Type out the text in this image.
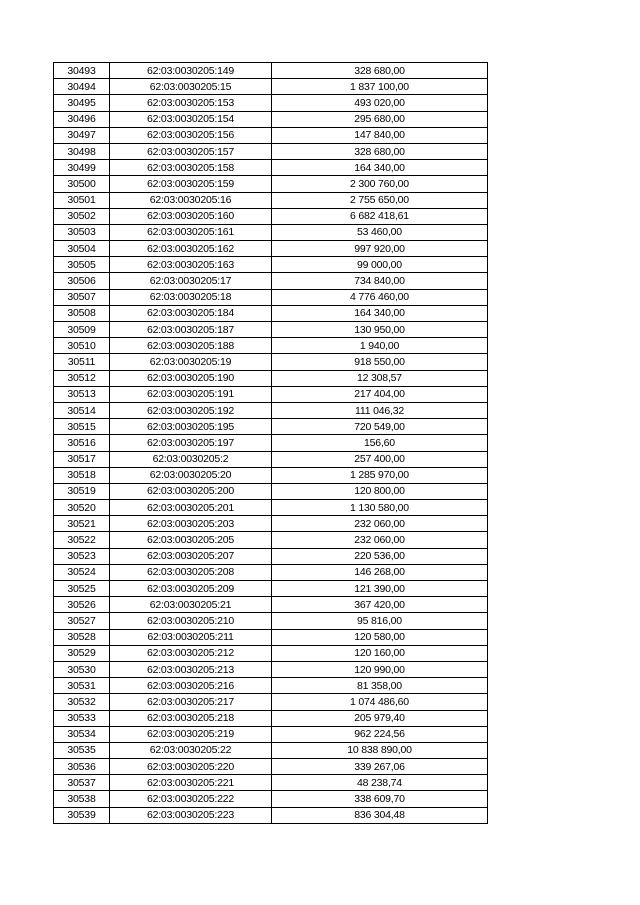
30493	62:03:0030205:149	328 680,00
30494	62:03:0030205:15	1 837 100,00
30495	62:03:0030205:153	493 020,00
30496	62:03:0030205:154	295 680,00
30497	62:03:0030205:156	147 840,00
30498	62:03:0030205:157	328 680,00
30499	62:03:0030205:158	164 340,00
30500	62:03:0030205:159	2 300 760,00
30501	62:03:0030205:16	2 755 650,00
30502	62:03:0030205:160	6 682 418,61
30503	62:03:0030205:161	53 460,00
30504	62:03:0030205:162	997 920,00
30505	62:03:0030205:163	99 000,00
30506	62:03:0030205:17	734 840,00
30507	62:03:0030205:18	4 776 460,00
30508	62:03:0030205:184	164 340,00
30509	62:03:0030205:187	130 950,00
30510	62:03:0030205:188	1 940,00
30511	62:03:0030205:19	918 550,00
30512	62:03:0030205:190	12 308,57
30513	62:03:0030205:191	217 404,00
30514	62:03:0030205:192	111 046,32
30515	62:03:0030205:195	720 549,00
30516	62:03:0030205:197	156,60
30517	62:03:0030205:2	257 400,00
30518	62:03:0030205:20	1 285 970,00
30519	62:03:0030205:200	120 800,00
30520	62:03:0030205:201	1 130 580,00
30521	62:03:0030205:203	232 060,00
30522	62:03:0030205:205	232 060,00
30523	62:03:0030205:207	220 536,00
30524	62:03:0030205:208	146 268,00
30525	62:03:0030205:209	121 390,00
30526	62:03:0030205:21	367 420,00
30527	62:03:0030205:210	95 816,00
30528	62:03:0030205:211	120 580,00
30529	62:03:0030205:212	120 160,00
30530	62:03:0030205:213	120 990,00
30531	62:03:0030205:216	81 358,00
30532	62:03:0030205:217	1 074 486,60
30533	62:03:0030205:218	205 979,40
30534	62:03:0030205:219	962 224,56
30535	62:03:0030205:22	10 838 890,00
30536	62:03:0030205:220	339 267,06
30537	62:03:0030205:221	48 238,74
30538	62:03:0030205:222	338 609,70
30539	62:03:0030205:223	836 304,48
